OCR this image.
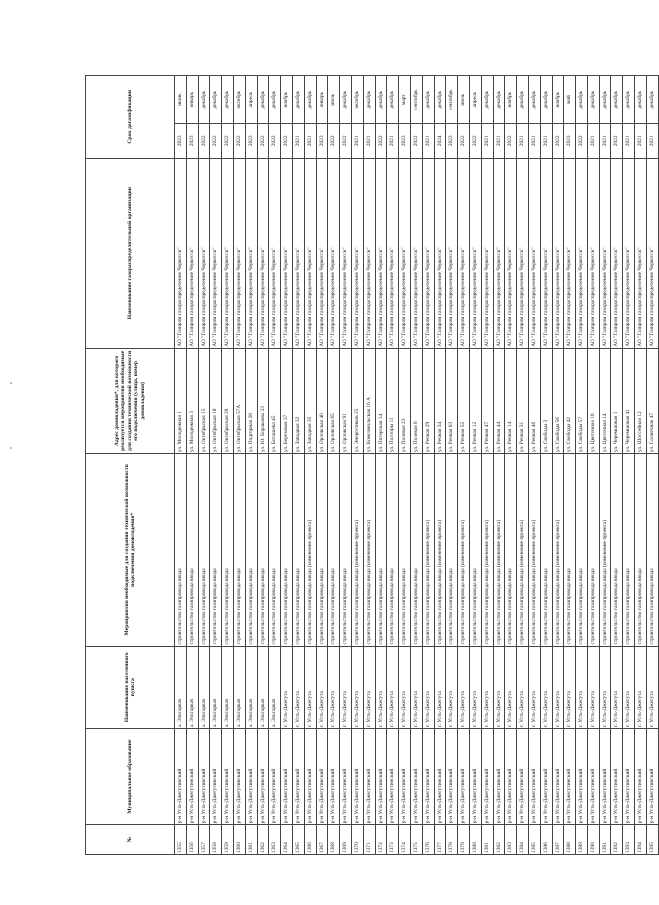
№	Муниципальное образование	Наименование населенного пункта	Мероприятия необходимые для создания технической возможности подключения домовладения*	Адрес домовладения*, для которого реализуется мероприятия необходимые для создания технической возможности его подключения (улица, номер домовладения)	Наименование газораспределительной организации	Срок догазификации	
1355	р-н Усть-Джегутинский	а. Эльтаркач	строительство газопровода ввода	ул. Молодежная 1	АО "Газпром газораспределение Черкесск"	2023	июнь
1356	р-н Усть-Джегутинский	а. Эльтаркач	строительство газопровода ввода	ул. Молодежная 3	АО "Газпром газораспределение Черкесск"	2023	январь
1357	р-н Усть-Джегутинский	а. Эльтаркач	строительство газопровода ввода	ул. Октябрьская 15	АО "Газпром газораспределение Черкесск"	2022	декабрь
1358	р-н Усть-Джегутинский	а. Эльтаркач	строительство газопровода ввода	ул. Октябрьская 18	АО "Газпром газораспределение Черкесск"	2022	декабрь
1359	р-н Усть-Джегутинский	а. Эльтаркач	строительство газопровода ввода	ул. Октябрьская 28	АО "Газпром газораспределение Черкесск"	2022	декабрь
1360	р-н Усть-Джегутинский	а. Эльтаркач	строительство газопровода ввода	ул. Октябрьская 57А	АО "Газпром газораспределение Черкесск"	2022	октябрь
1361	р-н Усть-Джегутинский	а. Эльтаркач	строительство газопровода ввода	ул. Подгорная 26	АО "Газпром газораспределение Черкесск"	2023	апрель
1362	р-н Усть-Джегутинский	а. Эльтаркач	строительство газопровода ввода	ул. Ю. Боракаева 33	АО "Газпром газораспределение Черкесск"	2022	декабрь
1363	р-н Усть-Джегутинский	а. Эльтаркач	строительство газопровода ввода	ул. Боташева 45	АО "Газпром газораспределение Черкесск"	2022	декабрь
1364	р-н Усть-Джегутинский	г. Усть-Джегута	строительство газопровода ввода	ул. Березовая 37	АО "Газпром газораспределение Черкесск"	2022	ноябрь
1365	р-н Усть-Джегутинский	г. Усть-Джегута	строительство газопровода ввода	ул. Западная 32	АО "Газпром газораспределение Черкесск"	2021	декабрь
1366	р-н Усть-Джегутинский	г. Усть-Джегута	строительство газопровода ввода (изменение проекта)	ул. Западная 35	АО "Газпром газораспределение Черкесск"	2021	декабрь
1367	р-н Усть-Джегутинский	г. Усть-Джегута	строительство газопровода ввода	ул. Орловская 40	АО "Газпром газораспределение Черкесск"	2023	январь
1368	р-н Усть-Джегутинский	г. Усть-Джегута	строительство газопровода ввода	ул. Орловская 65	АО "Газпром газораспределение Черкесск"	2022	июль
1369	р-н Усть-Джегутинский	г. Усть-Джегута	строительство газопровода ввода	ул. Орловская 91	АО "Газпром газораспределение Черкесск"	2022	декабрь
1370	р-н Усть-Джегутинский	г. Усть-Джегута	строительство газопровода ввода (изменение проекта)	ул. Энергетиков 25	АО "Газпром газораспределение Черкесск"	2021	октябрь
1371	р-н Усть-Джегутинский	г. Усть-Джегута	строительство газопровода ввода (изменение проекта)	ул. Комсомольская 16 А	АО "Газпром газораспределение Черкесск"	2021	декабрь
1372	р-н Усть-Джегутинский	г. Усть-Джегута	строительство газопровода ввода	ул. Пятерская 14	АО "Газпром газораспределение Черкесск"	2022	декабрь
1373	р-н Усть-Джегутинский	г. Усть-Джегута	строительство газопровода ввода	ул. Полторы 11	АО "Газпром газораспределение Черкесск"	2021	декабрь
1374	р-н Усть-Джегутинский	г. Усть-Джегута	строительство газопровода ввода	ул. Полевая 23	АО "Газпром газораспределение Черкесск"	2023	март
1375	р-н Усть-Джегутинский	г. Усть-Джегута	строительство газопровода ввода	ул. Полевая 6	АО "Газпром газораспределение Черкесск"	2022	сентябрь
1376	р-н Усть-Джегутинский	г. Усть-Джегута	строительство газопровода ввода (изменение проекта)	ул. Речная 29	АО "Газпром газораспределение Черкесск"	2021	декабрь
1377	р-н Усть-Джегутинский	г. Усть-Джегута	строительство газопровода ввода (изменение проекта)	ул. Речная 34	АО "Газпром газораспределение Черкесск"	2024	декабрь
1378	р-н Усть-Джегутинский	г. Усть-Джегута	строительство газопровода ввода	ул. Речная 63	АО "Газпром газораспределение Черкесск"	2023	сентябрь
1379	р-н Усть-Джегутинский	г. Усть-Джегута	строительство газопровода ввода (изменение проекта)	ул. Речная 55	АО "Газпром газораспределение Черкесск"	2022	июль
1380	р-н Усть-Джегутинский	г. Усть-Джегута	строительство газопровода ввода	ул. Речная 12	АО "Газпром газораспределение Черкесск"	2022	апрель
1381	р-н Усть-Джегутинский	г. Усть-Джегута	строительство газопровода ввода (изменение проекта)	ул. Речная 47	АО "Газпром газораспределение Черкесск"	2021	декабрь
1382	р-н Усть-Джегутинский	г. Усть-Джегута	строительство газопровода ввода (изменение проекта)	ул. Речная 44	АО "Газпром газораспределение Черкесск"	2021	декабрь
1383	р-н Усть-Джегутинский	г. Усть-Джегута	строительство газопровода ввода	ул. Речная 14	АО "Газпром газораспределение Черкесск"	2022	ноябрь
1384	р-н Усть-Джегутинский	г. Усть-Джегута	строительство газопровода ввода (изменение проекта)	ул. Речная 31	АО "Газпром газораспределение Черкесск"	2021	декабрь
1385	р-н Усть-Джегутинский	г. Усть-Джегута	строительство газопровода ввода (изменение проекта)	ул. Речная 46	АО "Газпром газораспределение Черкесск"	2021	декабрь
1386	р-н Усть-Джегутинский	г. Усть-Джегута	строительство газопровода ввода	ул. Свободы 3	АО "Газпром газораспределение Черкесск"	2021	декабрь
1387	р-н Усть-Джегутинский	г. Усть-Джегута	строительство газопровода ввода (изменение проекта)	ул. Свободы 56	АО "Газпром газораспределение Черкесск"	2022	ноябрь
1388	р-н Усть-Джегутинский	г. Усть-Джегута	строительство газопровода ввода	ул. Свободы 42	АО "Газпром газораспределение Черкесск"	2023	май
1389	р-н Усть-Джегутинский	г. Усть-Джегута	строительство газопровода ввода	ул. Свободы 57	АО "Газпром газораспределение Черкесск"	2022	декабрь
1390	р-н Усть-Джегутинский	г. Усть-Джегута	строительство газопровода ввода	ул. Цветочная 10	АО "Газпром газораспределение Черкесск"	2021	декабрь
1391	р-н Усть-Джегутинский	г. Усть-Джегута	строительство газопровода ввода (изменение проекта)	ул. Цветочная 14	АО "Газпром газораспределение Черкесск"	2021	декабрь
1392	р-н Усть-Джегутинский	г. Усть-Джегута	строительство газопровода ввода	ул. Черемшовая 1	АО "Газпром газораспределение Черкесск"	2022	декабрь
1393	р-н Усть-Джегутинский	г. Усть-Джегута	строительство газопровода ввода	ул. Черемшовая 41	АО "Газпром газораспределение Черкесск"	2021	декабрь
1394	р-н Усть-Джегутинский	г. Усть-Джегута	строительство газопровода ввода	ул. Шоссейная 12	АО "Газпром газораспределение Черкесск"	2021	декабрь
1395	р-н Усть-Джегутинский	г. Усть-Джегута	строительство газопровода ввода	ул. Солнечная 47	АО "Газпром газораспределение Черкесск"	2021	декабрь
